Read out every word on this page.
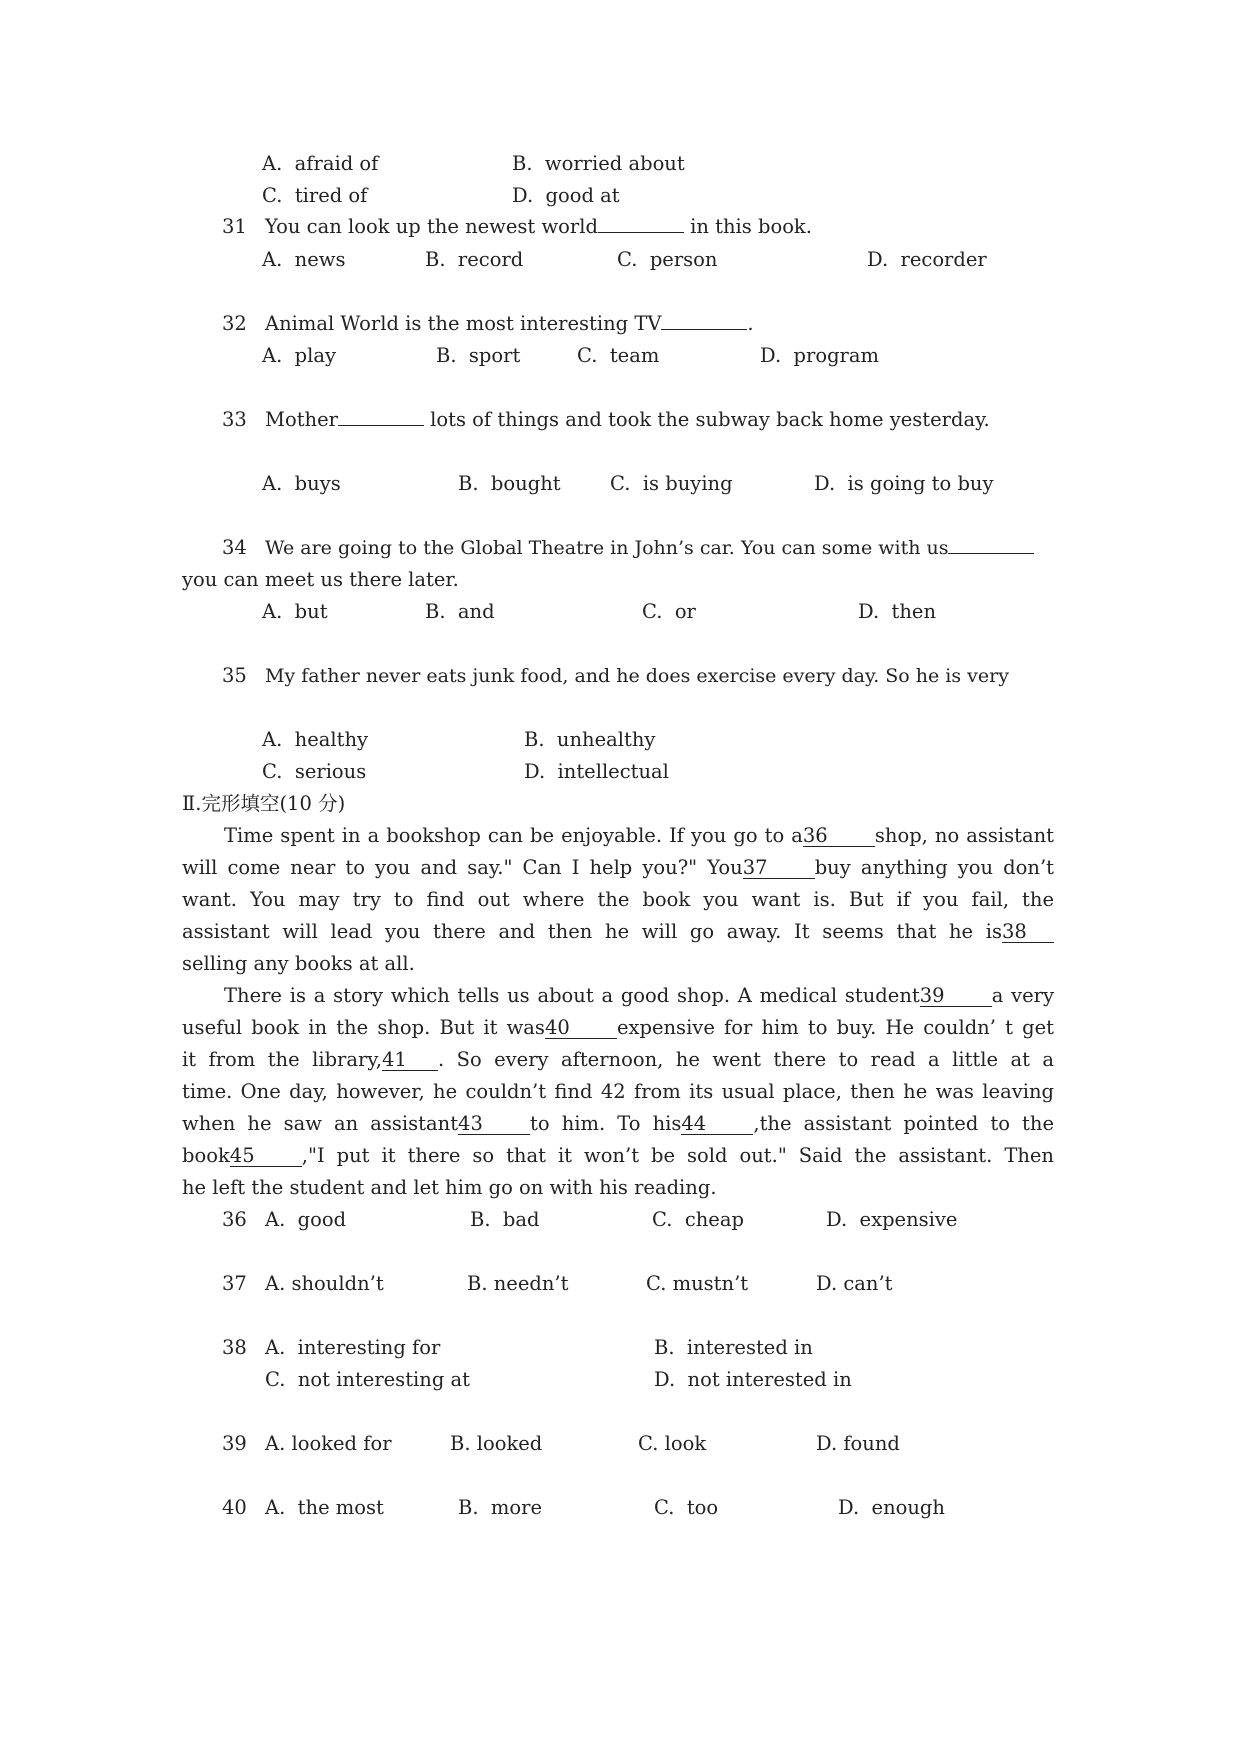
A.  afraid of	B.  worried about
C.  tired of	D.  good at
31 You can look up the newest world	in this book.
A.  news	B.  record	C.  person	D.  recorder
32 Animal World is the most interesting TV	.
A.  play	B.  sport	C.  team	D.  program
33 Mother	lots of things and took the subway back home yesterday.
A.  buys	B.  bought	C.  is buying	D.  is going to buy
34 We are going to the Global Theatre in John’s car. You can some with us
you can meet us there later.
A.  but	B.  and	C.  or	D.  then
35 My father never eats junk food, and he does exercise every day. So he is very
A.  healthy	B.  unhealthy
C.  serious	D.  intellectual
Ⅱ.完形填空(10 分)
Time spent in a bookshop can be enjoyable. If you go to a36 shop, no assistant
will come near to you and say." Can I help you?" You37 buy anything you don’t
want. You may try to find out where the book you want is. But if you fail, the
assistant will lead you there and then he will go away. It seems that he is38
selling any books at all.
There is a story which tells us about a good shop. A medical student39 a very
useful book in the shop. But it was40 expensive for him to buy. He couldn’ t get
it from the library,41 . So every afternoon, he went there to read a little at a
time. One day, however, he couldn’t find 42 from its usual place, then he was leaving
when he saw an assistant43 to him. To his44 ,the assistant pointed to the
book45 ,"I put it there so that it won’t be sold out." Said the assistant. Then
he left the student and let him go on with his reading.
36 A.  good	B.  bad	C.  cheap	D.  expensive
37 A. shouldn’t	B. needn’t	C. mustn’t	D. can’t
38 A.  interesting for	B.  interested in
C.  not interesting at	D.  not interested in
39 A. looked for	B. looked	C. look	D. found
40 A.  the most	B.  more	C.  too	D.  enough
